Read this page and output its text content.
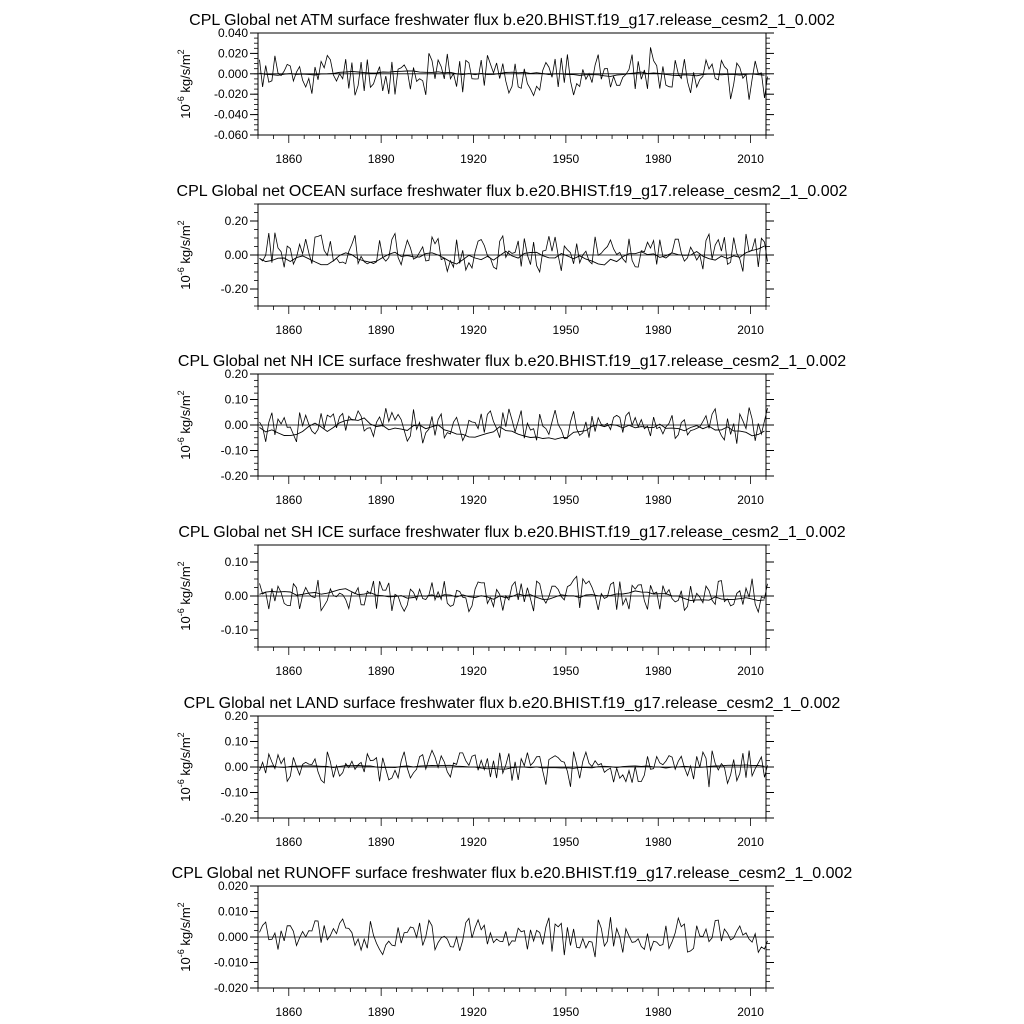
CPL Global net ATM surface freshwater flux b.e20.BHIST.f19_g17.release_cesm2_1_0.002
-0.060
-0.040
-0.020
0.000
0.020
0.040
1860	1890	1920	1950	1980	2010
$10^{-6}$ $kg/s/m^2$
CPL Global net OCEAN surface freshwater flux b.e20.BHIST.f19_g17.release_cesm2_1_0.002
-0.20
0.00
0.20
1860	1890	1920	1950	1980	2010
$10^{-6}$ $kg/s/m^2$
CPL Global net NH ICE surface freshwater flux b.e20.BHIST.f19_g17.release_cesm2_1_0.002
-0.20
-0.10
0.00
0.10
0.20
1860	1890	1920	1950	1980	2010
$10^{-6}$ $kg/s/m^2$
CPL Global net SH ICE surface freshwater flux b.e20.BHIST.f19_g17.release_cesm2_1_0.002
-0.10
0.00
0.10
1860	1890	1920	1950	1980	2010
$10^{-6}$ $kg/s/m^2$
CPL Global net LAND surface freshwater flux b.e20.BHIST.f19_g17.release_cesm2_1_0.002
-0.20
-0.10
0.00
0.10
0.20
1860	1890	1920	1950	1980	2010
$10^{-6}$ $kg/s/m^2$
CPL Global net RUNOFF surface freshwater flux b.e20.BHIST.f19_g17.release_cesm2_1_0.002
-0.020
-0.010
0.000
0.010
0.020
1860	1890	1920	1950	1980	2010
$10^{-6}$ $kg/s/m^2$
